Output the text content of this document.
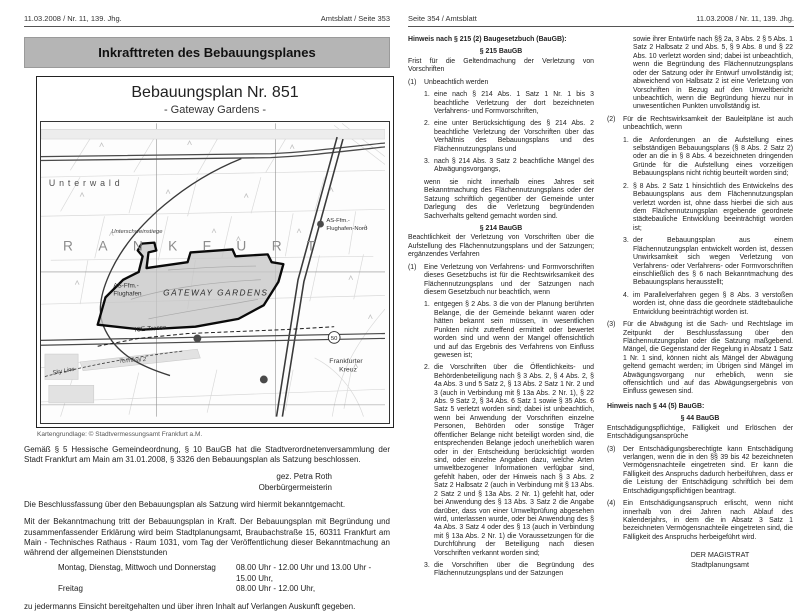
11.03.2008 / Nr. 11, 139. Jhg.	Amtsblatt / Seite 353
Inkrafttreten des Bebauungsplanes
Bebauungsplan Nr. 851
- Gateway Gardens -
50
FRANKFURT
Unterwald
Unterschweinstiege
AS-Ffm.-
Flughafen-Nord
AS-Ffm.-
Flughafen	GATEWAY GARDENS
ICE-Trasse
Sky Line
Terminal 2	Frankfurter
Kreuz
Kartengrundlage: © Stadtvermessungsamt Frankfurt a.M.
Gemäß § 5 Hessische Gemeindeordnung, § 10 BauGB hat die Stadtverordnetenversammlung der Stadt Frankfurt am Main am 31.01.2008, § 3326 den Bebauungsplan als Satzung beschlossen.
gez. Petra Roth
Oberbürgermeisterin
Die Beschlussfassung über den Bebauungsplan als Satzung wird hiermit bekanntgemacht.
Mit der Bekanntmachung tritt der Bebauungsplan in Kraft. Der Bebauungsplan mit Begründung und zusammenfassender Erklärung wird beim Stadtplanungsamt, Braubachstraße 15, 60311 Frankfurt am Main - Technisches Rathaus - Raum 1031, vom Tag der Veröffentlichung dieser Bekanntmachung an während der allgemeinen Dienststunden
Montag, Dienstag, Mittwoch und Donnerstag	08.00 Uhr - 12.00 Uhr und 13.00 Uhr - 15.00 Uhr,
Freitag	08.00 Uhr - 12.00 Uhr,
zu jedermanns Einsicht bereitgehalten und über ihren Inhalt auf Verlangen Auskunft gegeben.
Seite 354 / Amtsblatt	11.03.2008 / Nr. 11, 139. Jhg.
Hinweis nach § 215 (2) Baugesetzbuch (BauGB):
§ 215 BauGB
Frist für die Geltendmachung der Verletzung von Vorschriften
(1)	Unbeachtlich werden
1. eine nach § 214 Abs. 1 Satz 1 Nr. 1 bis 3 beachtliche Verletzung der dort bezeichneten Verfahrens- und Formvorschriften,
2. eine unter Berücksichtigung des § 214 Abs. 2 beachtliche Verletzung der Vorschriften über das Verhältnis des Bebauungsplans und des Flächennutzungsplans und
3. nach § 214 Abs. 3 Satz 2 beachtliche Mängel des Abwägungsvorgangs,
wenn sie nicht innerhalb eines Jahres seit Bekanntmachung des Flächennutzungsplans oder der Satzung schriftlich gegenüber der Gemeinde unter Darlegung des die Verletzung begründenden Sachverhalts geltend gemacht worden sind.
§ 214 BauGB
Beachtlichkeit der Verletzung von Vorschriften über die Aufstellung des Flächennutzungsplans und der Satzungen; ergänzendes Verfahren
(1)	Eine Verletzung von Verfahrens- und Formvorschriften dieses Gesetzbuchs ist für die Rechtswirksamkeit des Flächennutzungsplans und der Satzungen nach diesem Gesetzbuch nur beachtlich, wenn
1. entgegen § 2 Abs. 3 die von der Planung berührten Belange, die der Gemeinde bekannt waren oder hätten bekannt sein müssen, in wesentlichen Punkten nicht zutreffend ermittelt oder bewertet worden sind und wenn der Mangel offensichtlich und auf das Ergebnis des Verfahrens von Einfluss gewesen ist;
2. die Vorschriften über die Öffentlichkeits- und Behördenbeteiligung nach § 3 Abs. 2, § 4 Abs. 2, § 4a Abs. 3 und 5 Satz 2, § 13 Abs. 2 Satz 1 Nr. 2 und 3 (auch in Verbindung mit § 13a Abs. 2 Nr. 1), § 22 Abs. 9 Satz 2, § 34 Abs. 6 Satz 1 sowie § 35 Abs. 6 Satz 5 verletzt worden sind; dabei ist unbeachtlich, wenn bei Anwendung der Vorschriften einzelne Personen, Behörden oder sonstige Träger öffentlicher Belange nicht beteiligt worden sind, die entsprechenden Belange jedoch unerheblich waren oder in der Entscheidung berücksichtigt worden sind, oder einzelne Angaben dazu, welche Arten umweltbezogener Informationen verfügbar sind, gefehlt haben, oder der Hinweis nach § 3 Abs. 2 Satz 2 Halbsatz 2 (auch in Verbindung mit § 13 Abs. 2 Satz 2 und § 13a Abs. 2 Nr. 1) gefehlt hat, oder bei Anwendung des § 13 Abs. 3 Satz 2 die Angabe darüber, dass von einer Umweltprüfung abgesehen wird, unterlassen wurde, oder bei Anwendung des § 4a Abs. 3 Satz 4 oder des § 13 (auch in Verbindung mit § 13a Abs. 2 Nr. 1) die Voraussetzungen für die Durchführung der Beteiligung nach diesen Vorschriften verkannt worden sind;
3. die Vorschriften über die Begründung des Flächennutzungsplans und der Satzungen
sowie ihrer Entwürfe nach §§ 2a, 3 Abs. 2 § 5 Abs. 1 Satz 2 Halbsatz 2 und Abs. 5, § 9 Abs. 8 und § 22 Abs. 10 verletzt worden sind; dabei ist unbeachtlich, wenn die Begründung des Flächennutzungsplans oder der Satzung oder ihr Entwurf unvollständig ist; abweichend von Halbsatz 2 ist eine Verletzung von Vorschriften in Bezug auf den Umweltbericht unbeachtlich, wenn die Begründung hierzu nur in unwesentlichen Punkten unvollständig ist.
(2)	Für die Rechtswirksamkeit der Bauleitpläne ist auch unbeachtlich, wenn
1. die Anforderungen an die Aufstellung eines selbständigen Bebauungsplans (§ 8 Abs. 2 Satz 2) oder an die in § 8 Abs. 4 bezeichneten dringenden Gründe für die Aufstellung eines vorzeitigen Bebauungsplans nicht richtig beurteilt worden sind;
2. § 8 Abs. 2 Satz 1 hinsichtlich des Entwickelns des Bebauungsplans aus dem Flächennutzungsplan verletzt worden ist, ohne dass hierbei die sich aus dem Flächennutzungsplan ergebende geordnete städtebauliche Entwicklung beeinträchtigt worden ist;
3. der Bebauungsplan aus einem Flächennutzungsplan entwickelt worden ist, dessen Unwirksamkeit sich wegen Verletzung von Verfahrens- oder Verfahrens- oder Formvorschriften einschließlich des § 6 nach Bekanntmachung des Bebauungsplans herausstellt;
4. im Parallelverfahren gegen § 8 Abs. 3 verstoßen worden ist, ohne dass die geordnete städtebauliche Entwicklung beeinträchtigt worden ist.
(3)	Für die Abwägung ist die Sach- und Rechtslage im Zeitpunkt der Beschlussfassung über den Flächennutzungsplan oder die Satzung maßgebend. Mängel, die Gegenstand der Regelung in Absatz 1 Satz 1 Nr. 1 sind, können nicht als Mängel der Abwägung geltend gemacht werden; im Übrigen sind Mängel im Abwägungsvorgang nur erheblich, wenn sie offensichtlich und auf das Abwägungsergebnis von Einfluss gewesen sind.
Hinweis nach § 44 (5) BauGB:
§ 44 BauGB
Entschädigungspflichtige, Fälligkeit und Erlöschen der Entschädigungsansprüche
(3)	Der Entschädigungsberechtigte kann Entschädigung verlangen, wenn die in den §§ 39 bis 42 bezeichneten Vermögensnachteile eingetreten sind. Er kann die Fälligkeit des Anspruchs dadurch herbeiführen, dass er die Leistung der Entschädigung schriftlich bei dem Entschädigungspflichtigen beantragt.
(4)	Ein Entschädigungsanspruch erlischt, wenn nicht innerhalb von drei Jahren nach Ablauf des Kalenderjahrs, in dem die in Absatz 3 Satz 1 bezeichneten Vermögensnachteile eingetreten sind, die Fälligkeit des Anspruchs herbeigeführt wird.
DER MAGISTRAT
Stadtplanungsamt
